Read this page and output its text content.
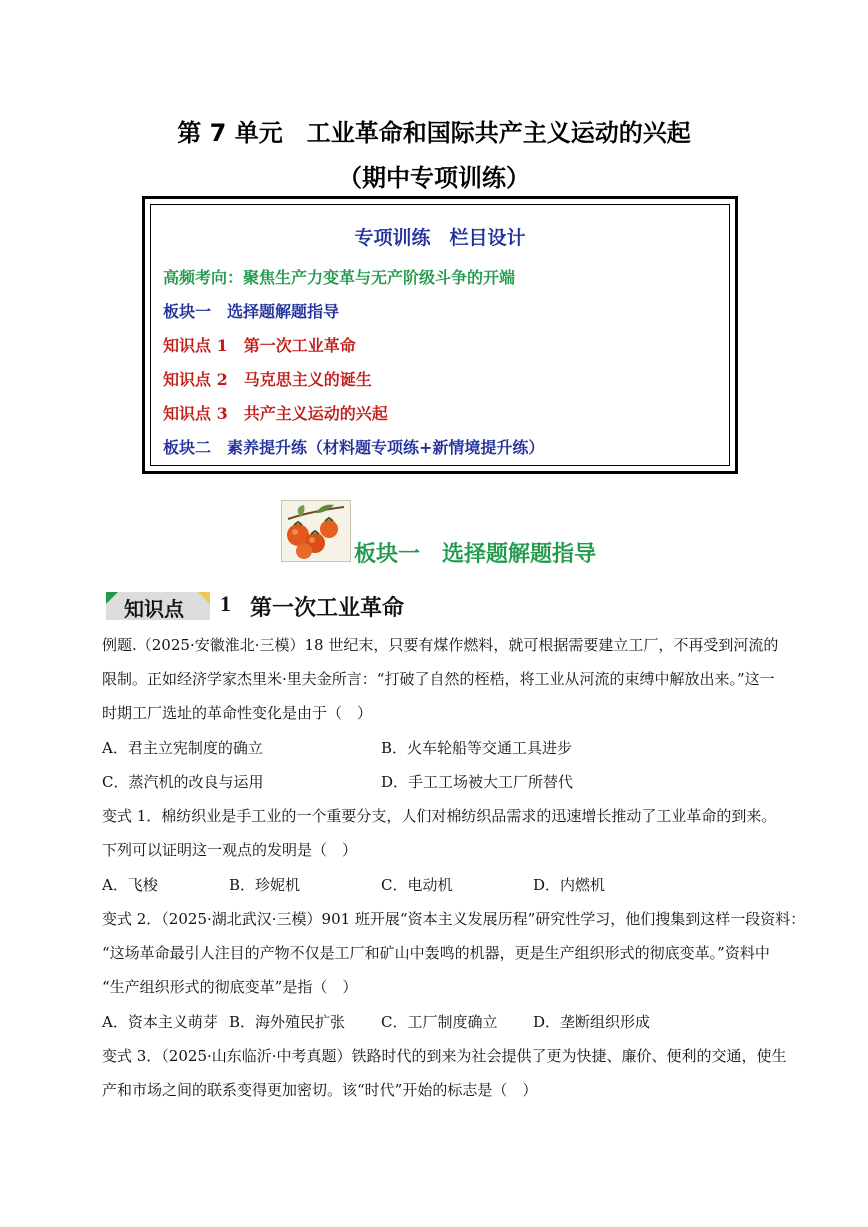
第 7 单元　工业革命和国际共产主义运动的兴起
（期中专项训练）
专项训练　栏目设计
高频考向：聚焦生产力变革与无产阶级斗争的开端
板块一　选择题解题指导
知识点 1　第一次工业革命
知识点 2　马克思主义的诞生
知识点 3　共产主义运动的兴起
板块二　素养提升练（材料题专项练+新情境提升练）
板块一　选择题解题指导
知识点 1 第一次工业革命
例题.（2025·安徽淮北·三模）18 世纪末，只要有煤作燃料，就可根据需要建立工厂，不再受到河流的
限制。正如经济学家杰里米·里夫金所言：“打破了自然的桎梏，将工业从河流的束缚中解放出来。”这一
时期工厂选址的革命性变化是由于（　）
A．君主立宪制度的确立	B．火车轮船等交通工具进步
C．蒸汽机的改良与运用	D．手工工场被大工厂所替代
变式 1．棉纺织业是手工业的一个重要分支，人们对棉纺织品需求的迅速增长推动了工业革命的到来。
下列可以证明这一观点的发明是（　）
A．飞梭	B．珍妮机	C．电动机	D．内燃机
变式 2．（2025·湖北武汉·三模）901 班开展“资本主义发展历程”研究性学习，他们搜集到这样一段资料：
“这场革命最引人注目的产物不仅是工厂和矿山中轰鸣的机器，更是生产组织形式的彻底变革。”资料中
“生产组织形式的彻底变革”是指（　）
A．资本主义萌芽 B．海外殖民扩张 C．工厂制度确立 D．垄断组织形成
变式 3．（2025·山东临沂·中考真题）铁路时代的到来为社会提供了更为快捷、廉价、便利的交通，使生
产和市场之间的联系变得更加密切。该“时代”开始的标志是（　）
